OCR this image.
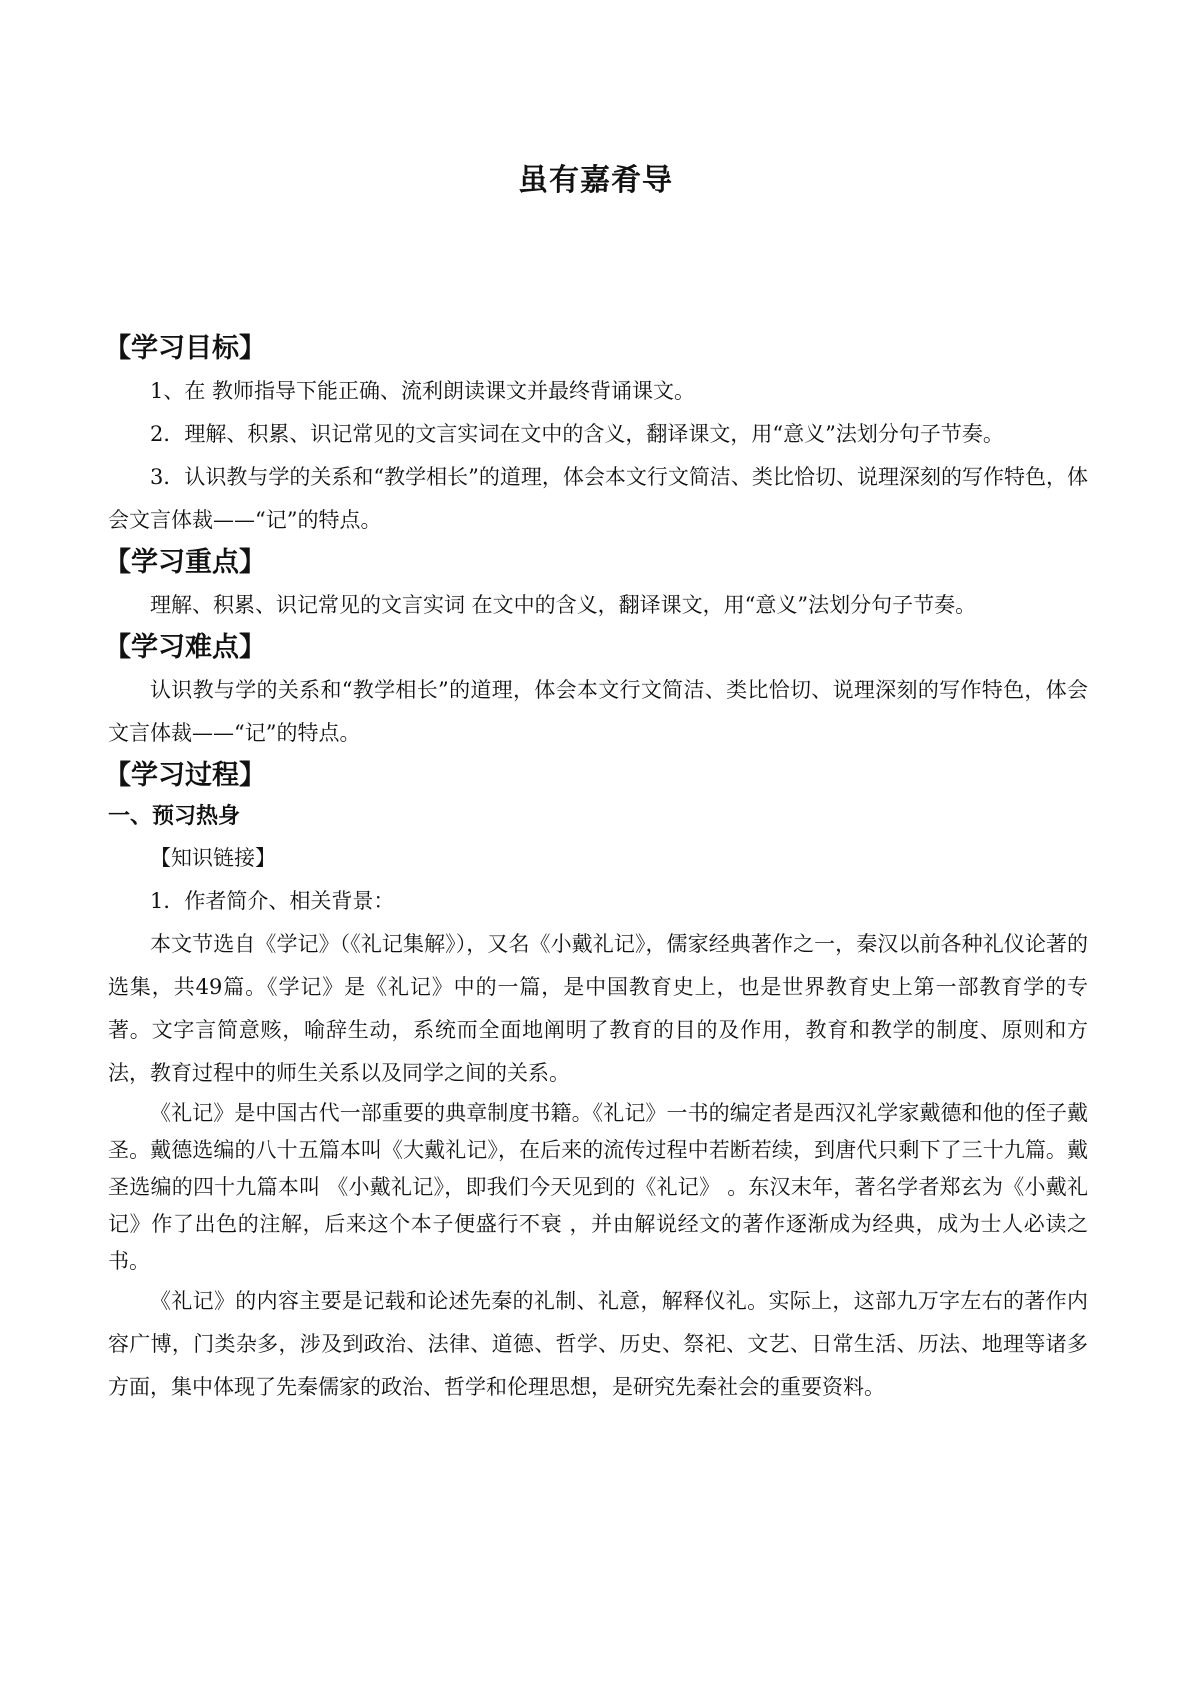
虽有嘉肴导
【学习目标】

1、在 教师指导下能正确、流利朗读课文并最终背诵课文。

2．理解、积累、识记常见的文言实词在文中的含义，翻译课文，用“意义”法划分句子节奏。

3．认识教与学的关系和“教学相长”的道理，体会本文行文简洁、类比恰切、说理深刻的写作特色，体会文言体裁——“记”的特点。

【学习重点】

理解、积累、识记常见的文言实词 在文中的含义，翻译课文，用“意义”法划分句子节奏。

【学习难点】

认识教与学的关系和“教学相长”的道理，体会本文行文简洁、类比恰切、说理深刻的写作特色，体会文言体裁——“记”的特点。

【学习过程】
一、预习热身

【知识链接】

1．作者简介、相关背景：

本文节选自《学记》（《礼记集解》），又名《小戴礼记》，儒家经典著作之一，秦汉以前各种礼仪论著的选集，共49篇。《学记》是《礼记》中的一篇，是中国教育史上，也是世界教育史上第一部教育学的专著。文字言简意赅，喻辞生动，系统而全面地阐明了教育的目的及作用，教育和教学的制度、原则和方法，教育过程中的师生关系以及同学之间的关系。

《礼记》是中国古代一部重要的典章制度书籍。《礼记》一书的编定者是西汉礼学家戴德和他的侄子戴圣。戴德选编的八十五篇本叫《大戴礼记》，在后来的流传过程中若断若续，到唐代只剩下了三十九篇。戴圣选编的四十九篇本叫 《小戴礼记》，即我们今天见到的《礼记》 。东汉末年，著名学者郑玄为《小戴礼记》作了出色的注解，后来这个本子便盛行不衰 ，并由解说经文的著作逐渐成为经典，成为士人必读之书。

《礼记》的内容主要是记载和论述先秦的礼制、礼意，解释仪礼。实际上，这部九万字左右的著作内容广博，门类杂多，涉及到政治、法律、道德、哲学、历史、祭祀、文艺、日常生活、历法、地理等诸多方面，集中体现了先秦儒家的政治、哲学和伦理思想，是研究先秦社会的重要资料。
